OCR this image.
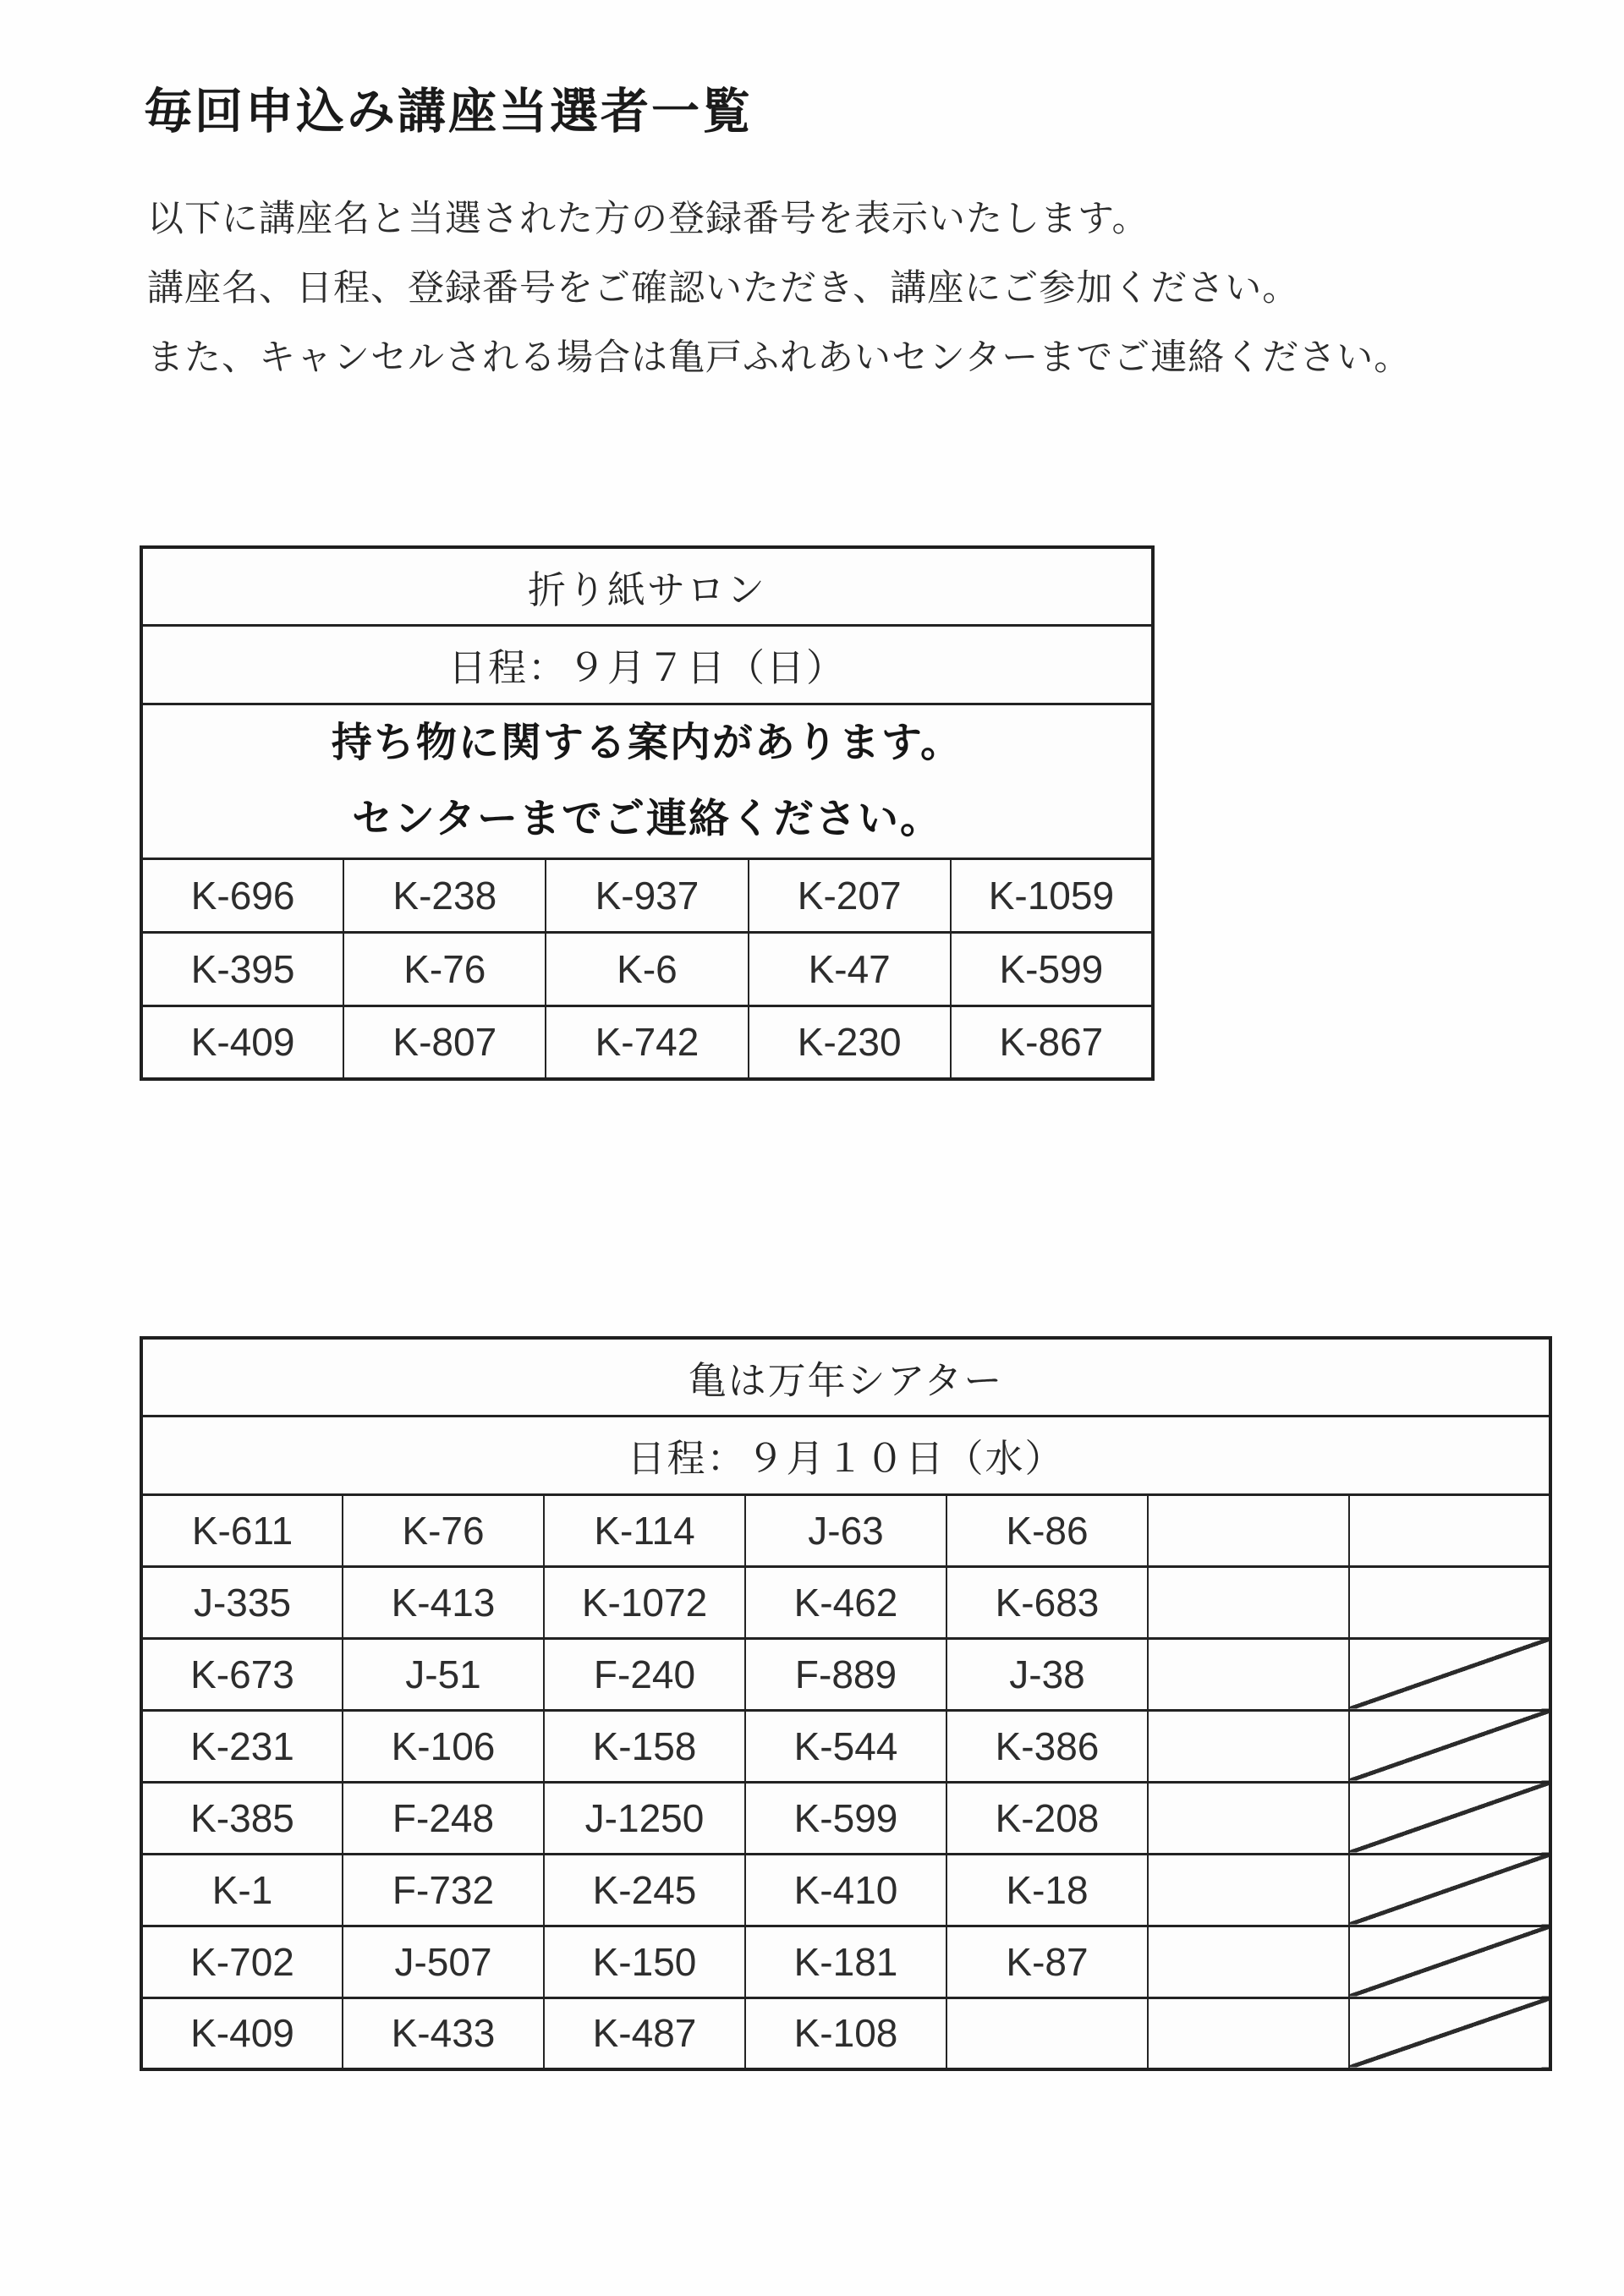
毎回申込み講座当選者一覧
以下に講座名と当選された方の登録番号を表示いたします。
講座名、日程、登録番号をご確認いただき、講座にご参加ください。
また、キャンセルされる場合は亀戸ふれあいセンターまでご連絡ください。
折り紙サロン				
日程：９月７日（日）				

持ち物に関する案内があります。
センターまでご連絡ください。				

K-696	K-238	K-937	K-207	K-1059
K-395	K-76	K-6	K-47	K-599
K-409	K-807	K-742	K-230	K-867
亀は万年シアター						
日程：９月１０日（水）						
K-611	K-76	K-114	J-63	K-86		
J-335	K-413	K-1072	K-462	K-683		
K-673	J-51	F-240	F-889	J-38		
K-231	K-106	K-158	K-544	K-386		
K-385	F-248	J-1250	K-599	K-208		
K-1	F-732	K-245	K-410	K-18		
K-702	J-507	K-150	K-181	K-87		
K-409	K-433	K-487	K-108			
